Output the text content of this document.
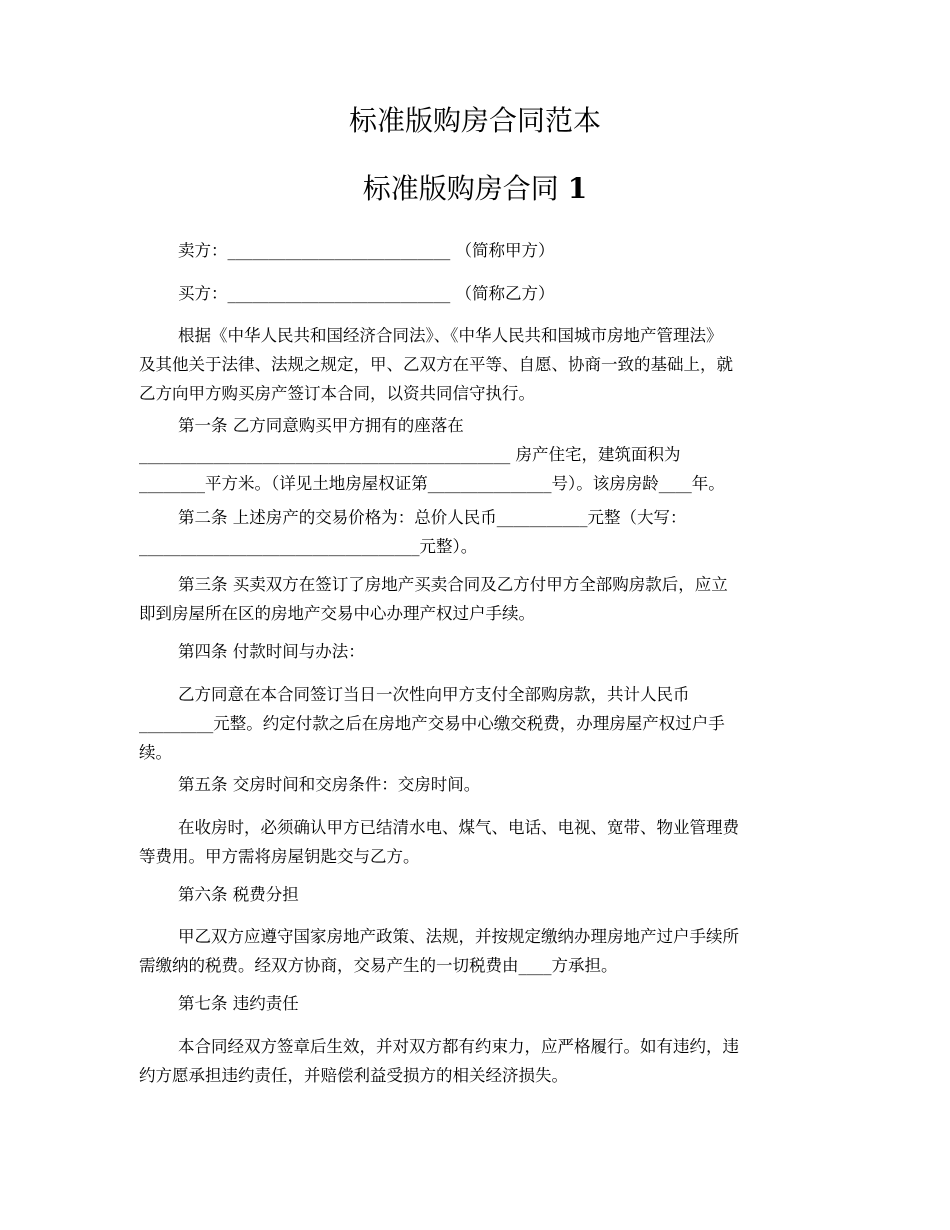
标准版购房合同范本
标准版购房合同 1
卖方：___________________________ （简称甲方）
买方：___________________________ （简称乙方）
根据《中华人民共和国经济合同法》、《中华人民共和国城市房地产管理法》
及其他关于法律、法规之规定，甲、乙双方在平等、自愿、协商一致的基础上，就
乙方向甲方购买房产签订本合同，以资共同信守执行。
第一条 乙方同意购买甲方拥有的座落在
_____________________________________________ 房产住宅，建筑面积为
________平方米。（详见土地房屋权证第_______________号）。该房房龄____年。
第二条 上述房产的交易价格为：总价人民币___________元整（大写：
__________________________________元整）。
第三条 买卖双方在签订了房地产买卖合同及乙方付甲方全部购房款后，应立
即到房屋所在区的房地产交易中心办理产权过户手续。
第四条 付款时间与办法：
乙方同意在本合同签订当日一次性向甲方支付全部购房款，共计人民币
_________元整。约定付款之后在房地产交易中心缴交税费，办理房屋产权过户手
续。
第五条 交房时间和交房条件：交房时间。
在收房时，必须确认甲方已结清水电、煤气、电话、电视、宽带、物业管理费
等费用。甲方需将房屋钥匙交与乙方。
第六条 税费分担
甲乙双方应遵守国家房地产政策、法规，并按规定缴纳办理房地产过户手续所
需缴纳的税费。经双方协商，交易产生的一切税费由____方承担。
第七条 违约责任
本合同经双方签章后生效，并对双方都有约束力，应严格履行。如有违约，违
约方愿承担违约责任，并赔偿利益受损方的相关经济损失。
